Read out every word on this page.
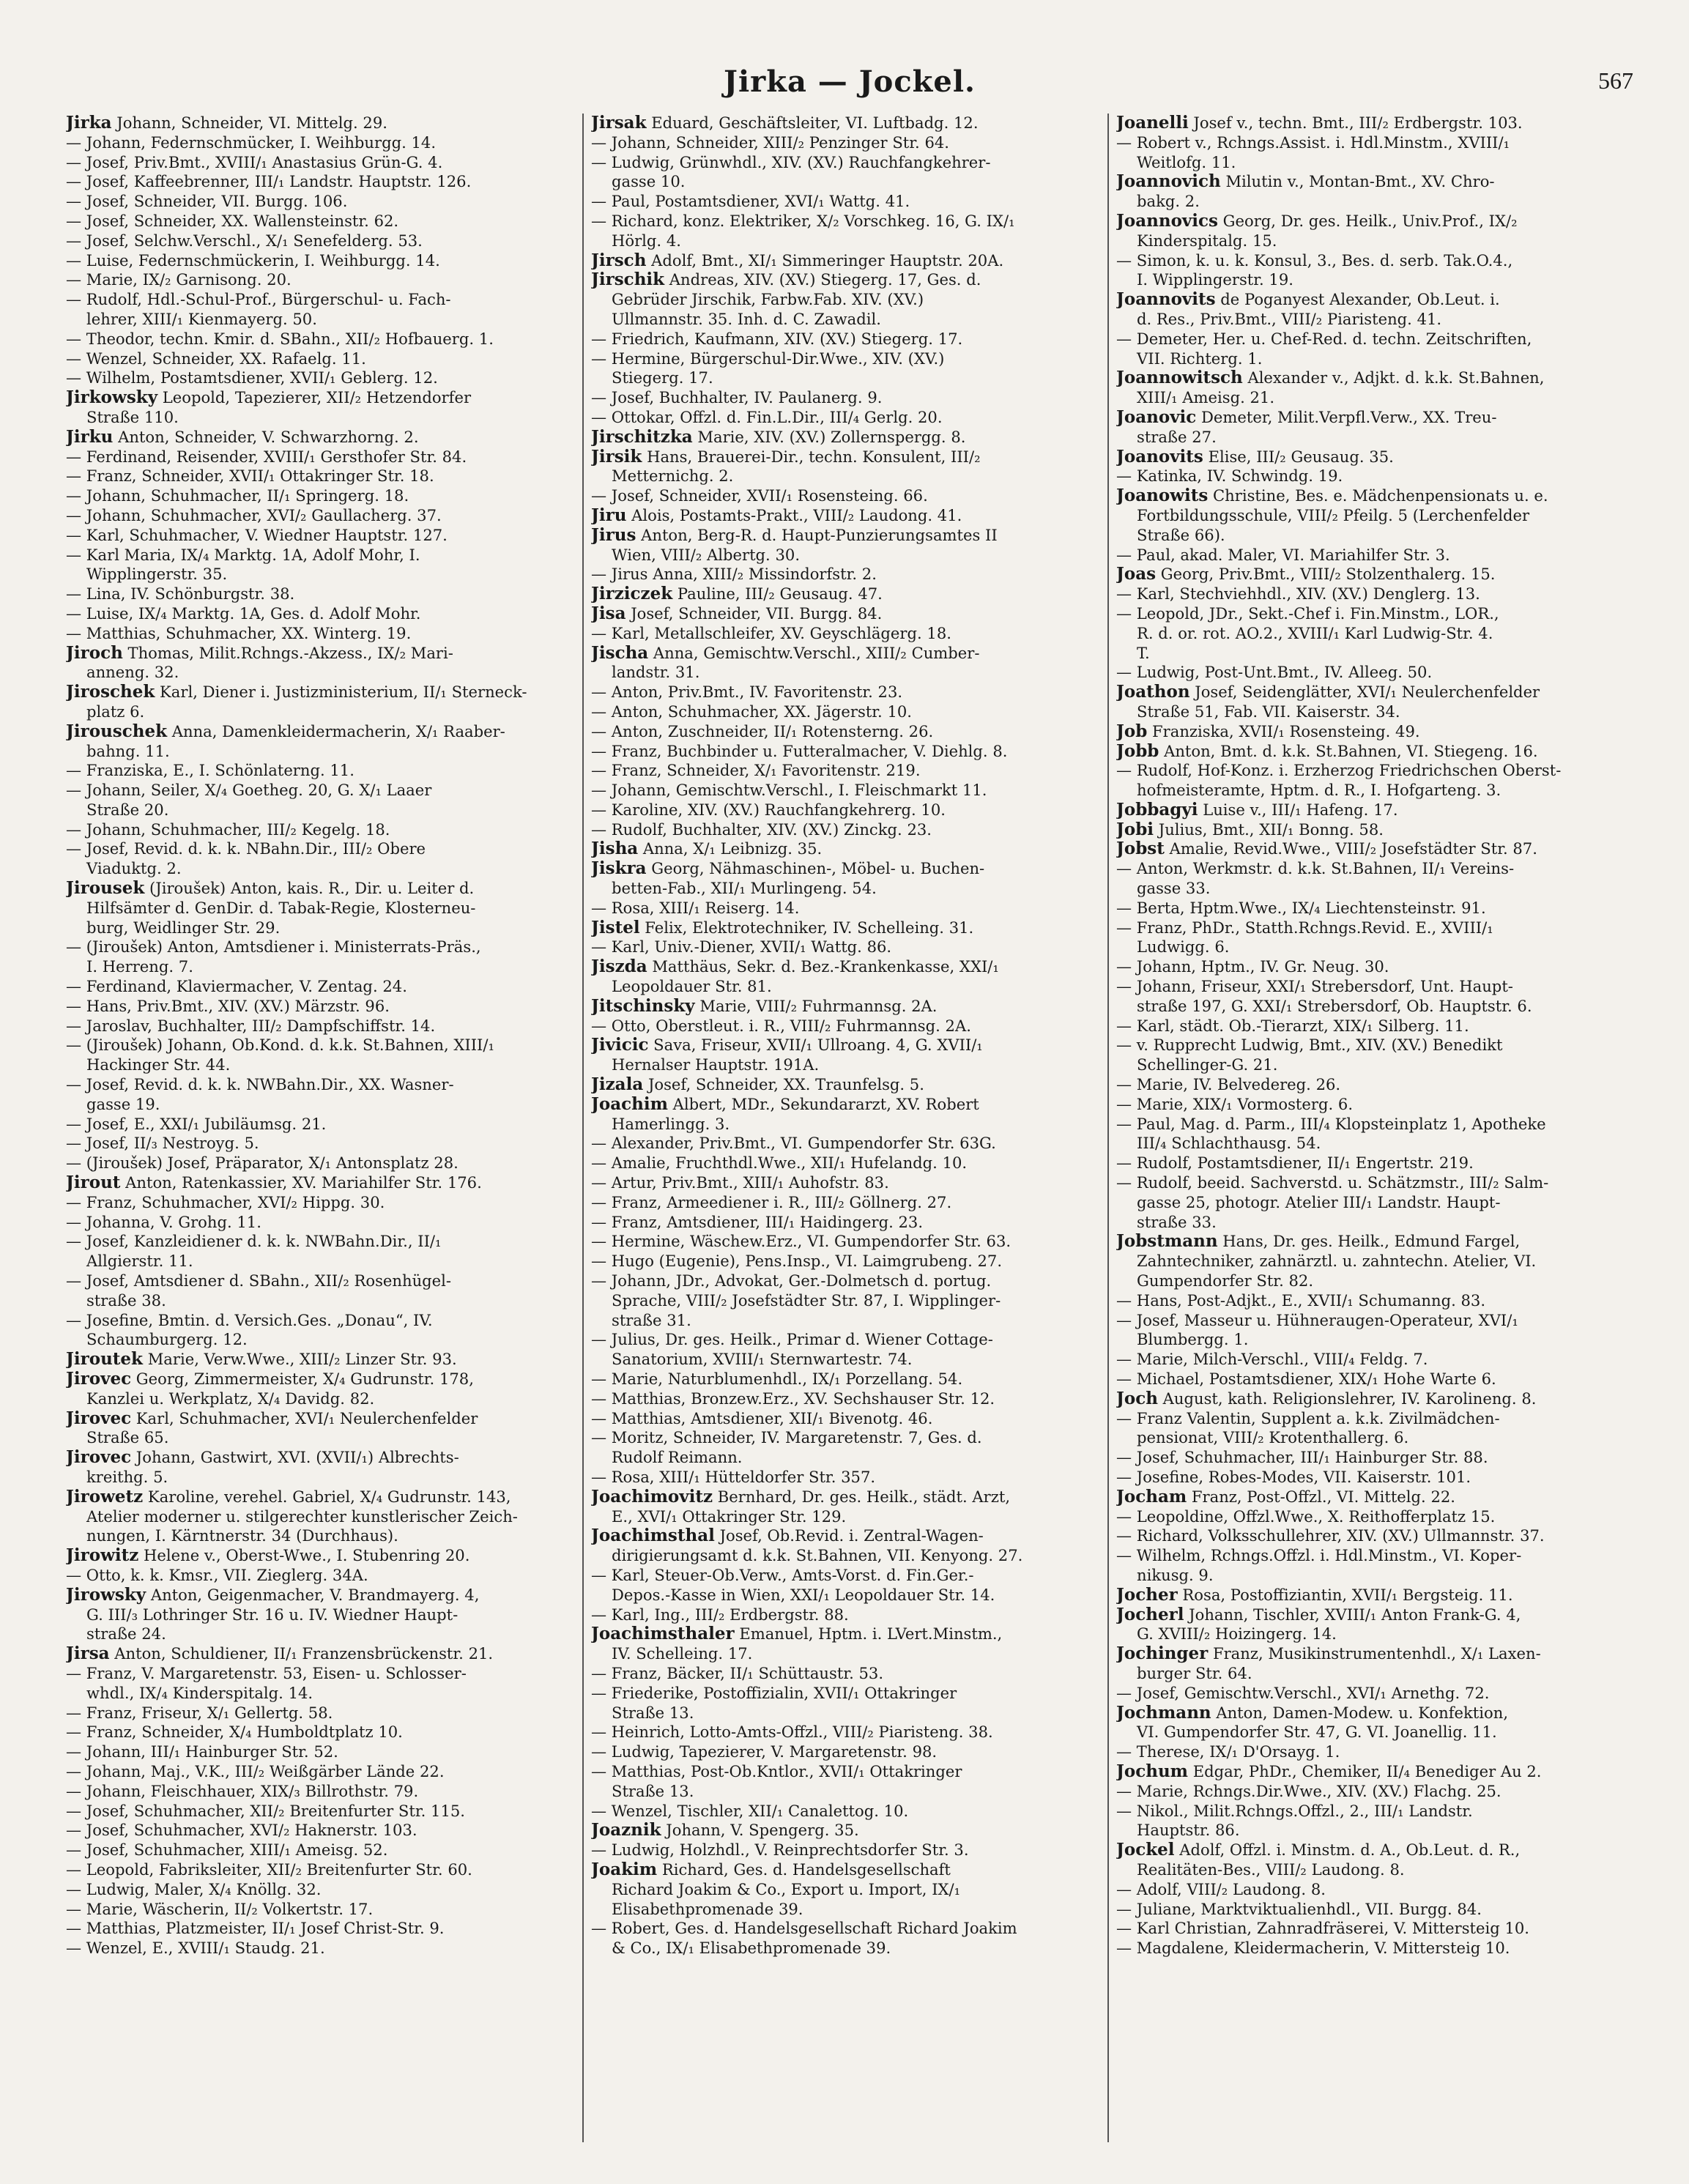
Jirka — Jockel.	567
Jirka Johann, Schneider, VI. Mittelg. 29.
— Johann, Federnschmücker, I. Weihburgg. 14.
— Josef, Priv.Bmt., XVIII/₁ Anastasius Grün-G. 4.
— Josef, Kaffeebrenner, III/₁ Landstr. Hauptstr. 126.
— Josef, Schneider, VII. Burgg. 106.
— Josef, Schneider, XX. Wallensteinstr. 62.
— Josef, Selchw.Verschl., X/₁ Senefelderg. 53.
— Luise, Federnschmückerin, I. Weihburgg. 14.
— Marie, IX/₂ Garnisong. 20.
— Rudolf, Hdl.-Schul-Prof., Bürgerschul- u. Fach-
lehrer, XIII/₁ Kienmayerg. 50.
— Theodor, techn. Kmir. d. SBahn., XII/₂ Hofbauerg. 1.
— Wenzel, Schneider, XX. Rafaelg. 11.
— Wilhelm, Postamtsdiener, XVII/₁ Geblerg. 12.
Jirkowsky Leopold, Tapezierer, XII/₂ Hetzendorfer
Straße 110.
Jirku Anton, Schneider, V. Schwarzhorng. 2.
— Ferdinand, Reisender, XVIII/₁ Gersthofer Str. 84.
— Franz, Schneider, XVII/₁ Ottakringer Str. 18.
— Johann, Schuhmacher, II/₁ Springerg. 18.
— Johann, Schuhmacher, XVI/₂ Gaullacherg. 37.
— Karl, Schuhmacher, V. Wiedner Hauptstr. 127.
— Karl Maria, IX/₄ Marktg. 1A, Adolf Mohr, I.
Wipplingerstr. 35.
— Lina, IV. Schönburgstr. 38.
— Luise, IX/₄ Marktg. 1A, Ges. d. Adolf Mohr.
— Matthias, Schuhmacher, XX. Winterg. 19.
Jiroch Thomas, Milit.Rchngs.-Akzess., IX/₂ Mari-
anneng. 32.
Jiroschek Karl, Diener i. Justizministerium, II/₁ Sterneck-
platz 6.
Jirouschek Anna, Damenkleidermacherin, X/₁ Raaber-
bahng. 11.
— Franziska, E., I. Schönlaterng. 11.
— Johann, Seiler, X/₄ Goetheg. 20, G. X/₁ Laaer
Straße 20.
— Johann, Schuhmacher, III/₂ Kegelg. 18.
— Josef, Revid. d. k. k. NBahn.Dir., III/₂ Obere
Viaduktg. 2.
Jirousek (Jiroušek) Anton, kais. R., Dir. u. Leiter d.
Hilfsämter d. GenDir. d. Tabak-Regie, Klosterneu-
burg, Weidlinger Str. 29.
— (Jiroušek) Anton, Amtsdiener i. Ministerrats-Präs.,
I. Herreng. 7.
— Ferdinand, Klaviermacher, V. Zentag. 24.
— Hans, Priv.Bmt., XIV. (XV.) Märzstr. 96.
— Jaroslav, Buchhalter, III/₂ Dampfschiffstr. 14.
— (Jiroušek) Johann, Ob.Kond. d. k.k. St.Bahnen, XIII/₁
Hackinger Str. 44.
— Josef, Revid. d. k. k. NWBahn.Dir., XX. Wasner-
gasse 19.
— Josef, E., XXI/₁ Jubiläumsg. 21.
— Josef, II/₃ Nestroyg. 5.
— (Jiroušek) Josef, Präparator, X/₁ Antonsplatz 28.
Jirout Anton, Ratenkassier, XV. Mariahilfer Str. 176.
— Franz, Schuhmacher, XVI/₂ Hippg. 30.
— Johanna, V. Grohg. 11.
— Josef, Kanzleidiener d. k. k. NWBahn.Dir., II/₁
Allgierstr. 11.
— Josef, Amtsdiener d. SBahn., XII/₂ Rosenhügel-
straße 38.
— Josefine, Bmtin. d. Versich.Ges. „Donau“, IV.
Schaumburgerg. 12.
Jiroutek Marie, Verw.Wwe., XIII/₂ Linzer Str. 93.
Jirovec Georg, Zimmermeister, X/₄ Gudrunstr. 178,
Kanzlei u. Werkplatz, X/₄ Davidg. 82.
Jirovec Karl, Schuhmacher, XVI/₁ Neulerchenfelder
Straße 65.
Jirovec Johann, Gastwirt, XVI. (XVII/₁) Albrechts-
kreithg. 5.
Jirowetz Karoline, verehel. Gabriel, X/₄ Gudrunstr. 143,
Atelier moderner u. stilgerechter kunstlerischer Zeich-
nungen, I. Kärntnerstr. 34 (Durchhaus).
Jirowitz Helene v., Oberst-Wwe., I. Stubenring 20.
— Otto, k. k. Kmsr., VII. Zieglerg. 34A.
Jirowsky Anton, Geigenmacher, V. Brandmayerg. 4,
G. III/₃ Lothringer Str. 16 u. IV. Wiedner Haupt-
straße 24.
Jirsa Anton, Schuldiener, II/₁ Franzensbrückenstr. 21.
— Franz, V. Margaretenstr. 53, Eisen- u. Schlosser-
whdl., IX/₄ Kinderspitalg. 14.
— Franz, Friseur, X/₁ Gellertg. 58.
— Franz, Schneider, X/₄ Humboldtplatz 10.
— Johann, III/₁ Hainburger Str. 52.
— Johann, Maj., V.K., III/₂ Weißgärber Lände 22.
— Johann, Fleischhauer, XIX/₃ Billrothstr. 79.
— Josef, Schuhmacher, XII/₂ Breitenfurter Str. 115.
— Josef, Schuhmacher, XVI/₂ Haknerstr. 103.
— Josef, Schuhmacher, XIII/₁ Ameisg. 52.
— Leopold, Fabriksleiter, XII/₂ Breitenfurter Str. 60.
— Ludwig, Maler, X/₄ Knöllg. 32.
— Marie, Wäscherin, II/₂ Volkertstr. 17.
— Matthias, Platzmeister, II/₁ Josef Christ-Str. 9.
— Wenzel, E., XVIII/₁ Staudg. 21.
Jirsak Eduard, Geschäftsleiter, VI. Luftbadg. 12.
— Johann, Schneider, XIII/₂ Penzinger Str. 64.
— Ludwig, Grünwhdl., XIV. (XV.) Rauchfangkehrer-
gasse 10.
— Paul, Postamtsdiener, XVI/₁ Wattg. 41.
— Richard, konz. Elektriker, X/₂ Vorschkeg. 16, G. IX/₁
Hörlg. 4.
Jirsch Adolf, Bmt., XI/₁ Simmeringer Hauptstr. 20A.
Jirschik Andreas, XIV. (XV.) Stiegerg. 17, Ges. d.
Gebrüder Jirschik, Farbw.Fab. XIV. (XV.)
Ullmannstr. 35. Inh. d. C. Zawadil.
— Friedrich, Kaufmann, XIV. (XV.) Stiegerg. 17.
— Hermine, Bürgerschul-Dir.Wwe., XIV. (XV.)
Stiegerg. 17.
— Josef, Buchhalter, IV. Paulanerg. 9.
— Ottokar, Offzl. d. Fin.L.Dir., III/₄ Gerlg. 20.
Jirschitzka Marie, XIV. (XV.) Zollernspergg. 8.
Jirsik Hans, Brauerei-Dir., techn. Konsulent, III/₂
Metternichg. 2.
— Josef, Schneider, XVII/₁ Rosensteing. 66.
Jiru Alois, Postamts-Prakt., VIII/₂ Laudong. 41.
Jirus Anton, Berg-R. d. Haupt-Punzierungsamtes II
Wien, VIII/₂ Albertg. 30.
— Jirus Anna, XIII/₂ Missindorfstr. 2.
Jirziczek Pauline, III/₂ Geusaug. 47.
Jisa Josef, Schneider, VII. Burgg. 84.
— Karl, Metallschleifer, XV. Geyschlägerg. 18.
Jischa Anna, Gemischtw.Verschl., XIII/₂ Cumber-
landstr. 31.
— Anton, Priv.Bmt., IV. Favoritenstr. 23.
— Anton, Schuhmacher, XX. Jägerstr. 10.
— Anton, Zuschneider, II/₁ Rotensterng. 26.
— Franz, Buchbinder u. Futteralmacher, V. Diehlg. 8.
— Franz, Schneider, X/₁ Favoritenstr. 219.
— Johann, Gemischtw.Verschl., I. Fleischmarkt 11.
— Karoline, XIV. (XV.) Rauchfangkehrerg. 10.
— Rudolf, Buchhalter, XIV. (XV.) Zinckg. 23.
Jisha Anna, X/₁ Leibnizg. 35.
Jiskra Georg, Nähmaschinen-, Möbel- u. Buchen-
betten-Fab., XII/₁ Murlingeng. 54.
— Rosa, XIII/₁ Reiserg. 14.
Jistel Felix, Elektrotechniker, IV. Schelleing. 31.
— Karl, Univ.-Diener, XVII/₁ Wattg. 86.
Jiszda Matthäus, Sekr. d. Bez.-Krankenkasse, XXI/₁
Leopoldauer Str. 81.
Jitschinsky Marie, VIII/₂ Fuhrmannsg. 2A.
— Otto, Oberstleut. i. R., VIII/₂ Fuhrmannsg. 2A.
Jivicic Sava, Friseur, XVII/₁ Ullroang. 4, G. XVII/₁
Hernalser Hauptstr. 191A.
Jizala Josef, Schneider, XX. Traunfelsg. 5.
Joachim Albert, MDr., Sekundararzt, XV. Robert
Hamerlingg. 3.
— Alexander, Priv.Bmt., VI. Gumpendorfer Str. 63G.
— Amalie, Fruchthdl.Wwe., XII/₁ Hufelandg. 10.
— Artur, Priv.Bmt., XIII/₁ Auhofstr. 83.
— Franz, Armeediener i. R., III/₂ Göllnerg. 27.
— Franz, Amtsdiener, III/₁ Haidingerg. 23.
— Hermine, Wäschew.Erz., VI. Gumpendorfer Str. 63.
— Hugo (Eugenie), Pens.Insp., VI. Laimgrubeng. 27.
— Johann, JDr., Advokat, Ger.-Dolmetsch d. portug.
Sprache, VIII/₂ Josefstädter Str. 87, I. Wipplinger-
straße 31.
— Julius, Dr. ges. Heilk., Primar d. Wiener Cottage-
Sanatorium, XVIII/₁ Sternwartestr. 74.
— Marie, Naturblumenhdl., IX/₁ Porzellang. 54.
— Matthias, Bronzew.Erz., XV. Sechshauser Str. 12.
— Matthias, Amtsdiener, XII/₁ Bivenotg. 46.
— Moritz, Schneider, IV. Margaretenstr. 7, Ges. d.
Rudolf Reimann.
— Rosa, XIII/₁ Hütteldorfer Str. 357.
Joachimovitz Bernhard, Dr. ges. Heilk., städt. Arzt,
E., XVI/₁ Ottakringer Str. 129.
Joachimsthal Josef, Ob.Revid. i. Zentral-Wagen-
dirigierungsamt d. k.k. St.Bahnen, VII. Kenyong. 27.
— Karl, Steuer-Ob.Verw., Amts-Vorst. d. Fin.Ger.-
Depos.-Kasse in Wien, XXI/₁ Leopoldauer Str. 14.
— Karl, Ing., III/₂ Erdbergstr. 88.
Joachimsthaler Emanuel, Hptm. i. LVert.Minstm.,
IV. Schelleing. 17.
— Franz, Bäcker, II/₁ Schüttaustr. 53.
— Friederike, Postoffizialin, XVII/₁ Ottakringer
Straße 13.
— Heinrich, Lotto-Amts-Offzl., VIII/₂ Piaristeng. 38.
— Ludwig, Tapezierer, V. Margaretenstr. 98.
— Matthias, Post-Ob.Kntlor., XVII/₁ Ottakringer
Straße 13.
— Wenzel, Tischler, XII/₁ Canalettog. 10.
Joaznik Johann, V. Spengerg. 35.
— Ludwig, Holzhdl., V. Reinprechtsdorfer Str. 3.
Joakim Richard, Ges. d. Handelsgesellschaft
Richard Joakim & Co., Export u. Import, IX/₁
Elisabethpromenade 39.
— Robert, Ges. d. Handelsgesellschaft Richard Joakim
& Co., IX/₁ Elisabethpromenade 39.
Joanelli Josef v., techn. Bmt., III/₂ Erdbergstr. 103.
— Robert v., Rchngs.Assist. i. Hdl.Minstm., XVIII/₁
Weitlofg. 11.
Joannovich Milutin v., Montan-Bmt., XV. Chro-
bakg. 2.
Joannovics Georg, Dr. ges. Heilk., Univ.Prof., IX/₂
Kinderspitalg. 15.
— Simon, k. u. k. Konsul, 3., Bes. d. serb. Tak.O.4.,
I. Wipplingerstr. 19.
Joannovits de Poganyest Alexander, Ob.Leut. i.
d. Res., Priv.Bmt., VIII/₂ Piaristeng. 41.
— Demeter, Her. u. Chef-Red. d. techn. Zeitschriften,
VII. Richterg. 1.
Joannowitsch Alexander v., Adjkt. d. k.k. St.Bahnen,
XIII/₁ Ameisg. 21.
Joanovic Demeter, Milit.Verpfl.Verw., XX. Treu-
straße 27.
Joanovits Elise, III/₂ Geusaug. 35.
— Katinka, IV. Schwindg. 19.
Joanowits Christine, Bes. e. Mädchenpensionats u. e.
Fortbildungsschule, VIII/₂ Pfeilg. 5 (Lerchenfelder
Straße 66).
— Paul, akad. Maler, VI. Mariahilfer Str. 3.
Joas Georg, Priv.Bmt., VIII/₂ Stolzenthalerg. 15.
— Karl, Stechviehhdl., XIV. (XV.) Denglerg. 13.
— Leopold, JDr., Sekt.-Chef i. Fin.Minstm., LOR.,
R. d. or. rot. AO.2., XVIII/₁ Karl Ludwig-Str. 4.
T.
— Ludwig, Post-Unt.Bmt., IV. Alleeg. 50.
Joathon Josef, Seidenglätter, XVI/₁ Neulerchenfelder
Straße 51, Fab. VII. Kaiserstr. 34.
Job Franziska, XVII/₁ Rosensteing. 49.
Jobb Anton, Bmt. d. k.k. St.Bahnen, VI. Stiegeng. 16.
— Rudolf, Hof-Konz. i. Erzherzog Friedrichschen Oberst-
hofmeisteramte, Hptm. d. R., I. Hofgarteng. 3.
Jobbagyi Luise v., III/₁ Hafeng. 17.
Jobi Julius, Bmt., XII/₁ Bonng. 58.
Jobst Amalie, Revid.Wwe., VIII/₂ Josefstädter Str. 87.
— Anton, Werkmstr. d. k.k. St.Bahnen, II/₁ Vereins-
gasse 33.
— Berta, Hptm.Wwe., IX/₄ Liechtensteinstr. 91.
— Franz, PhDr., Statth.Rchngs.Revid. E., XVIII/₁
Ludwigg. 6.
— Johann, Hptm., IV. Gr. Neug. 30.
— Johann, Friseur, XXI/₁ Strebersdorf, Unt. Haupt-
straße 197, G. XXI/₁ Strebersdorf, Ob. Hauptstr. 6.
— Karl, städt. Ob.-Tierarzt, XIX/₁ Silberg. 11.
— v. Rupprecht Ludwig, Bmt., XIV. (XV.) Benedikt
Schellinger-G. 21.
— Marie, IV. Belvedereg. 26.
— Marie, XIX/₁ Vormosterg. 6.
— Paul, Mag. d. Parm., III/₄ Klopsteinplatz 1, Apotheke
III/₄ Schlachthausg. 54.
— Rudolf, Postamtsdiener, II/₁ Engertstr. 219.
— Rudolf, beeid. Sachverstd. u. Schätzmstr., III/₂ Salm-
gasse 25, photogr. Atelier III/₁ Landstr. Haupt-
straße 33.
Jobstmann Hans, Dr. ges. Heilk., Edmund Fargel,
Zahntechniker, zahnärztl. u. zahntechn. Atelier, VI.
Gumpendorfer Str. 82.
— Hans, Post-Adjkt., E., XVII/₁ Schumanng. 83.
— Josef, Masseur u. Hühneraugen-Operateur, XVI/₁
Blumbergg. 1.
— Marie, Milch-Verschl., VIII/₄ Feldg. 7.
— Michael, Postamtsdiener, XIX/₁ Hohe Warte 6.
Joch August, kath. Religionslehrer, IV. Karolineng. 8.
— Franz Valentin, Supplent a. k.k. Zivilmädchen-
pensionat, VIII/₂ Krotenthallerg. 6.
— Josef, Schuhmacher, III/₁ Hainburger Str. 88.
— Josefine, Robes-Modes, VII. Kaiserstr. 101.
Jocham Franz, Post-Offzl., VI. Mittelg. 22.
— Leopoldine, Offzl.Wwe., X. Reithofferplatz 15.
— Richard, Volksschullehrer, XIV. (XV.) Ullmannstr. 37.
— Wilhelm, Rchngs.Offzl. i. Hdl.Minstm., VI. Koper-
nikusg. 9.
Jocher Rosa, Postoffiziantin, XVII/₁ Bergsteig. 11.
Jocherl Johann, Tischler, XVIII/₁ Anton Frank-G. 4,
G. XVIII/₂ Hoizingerg. 14.
Jochinger Franz, Musikinstrumentenhdl., X/₁ Laxen-
burger Str. 64.
— Josef, Gemischtw.Verschl., XVI/₁ Arnethg. 72.
Jochmann Anton, Damen-Modew. u. Konfektion,
VI. Gumpendorfer Str. 47, G. VI. Joanellig. 11.
— Therese, IX/₁ D'Orsayg. 1.
Jochum Edgar, PhDr., Chemiker, II/₄ Benediger Au 2.
— Marie, Rchngs.Dir.Wwe., XIV. (XV.) Flachg. 25.
— Nikol., Milit.Rchngs.Offzl., 2., III/₁ Landstr.
Hauptstr. 86.
Jockel Adolf, Offzl. i. Minstm. d. A., Ob.Leut. d. R.,
Realitäten-Bes., VIII/₂ Laudong. 8.
— Adolf, VIII/₂ Laudong. 8.
— Juliane, Marktviktualienhdl., VII. Burgg. 84.
— Karl Christian, Zahnradfräserei, V. Mittersteig 10.
— Magdalene, Kleidermacherin, V. Mittersteig 10.
